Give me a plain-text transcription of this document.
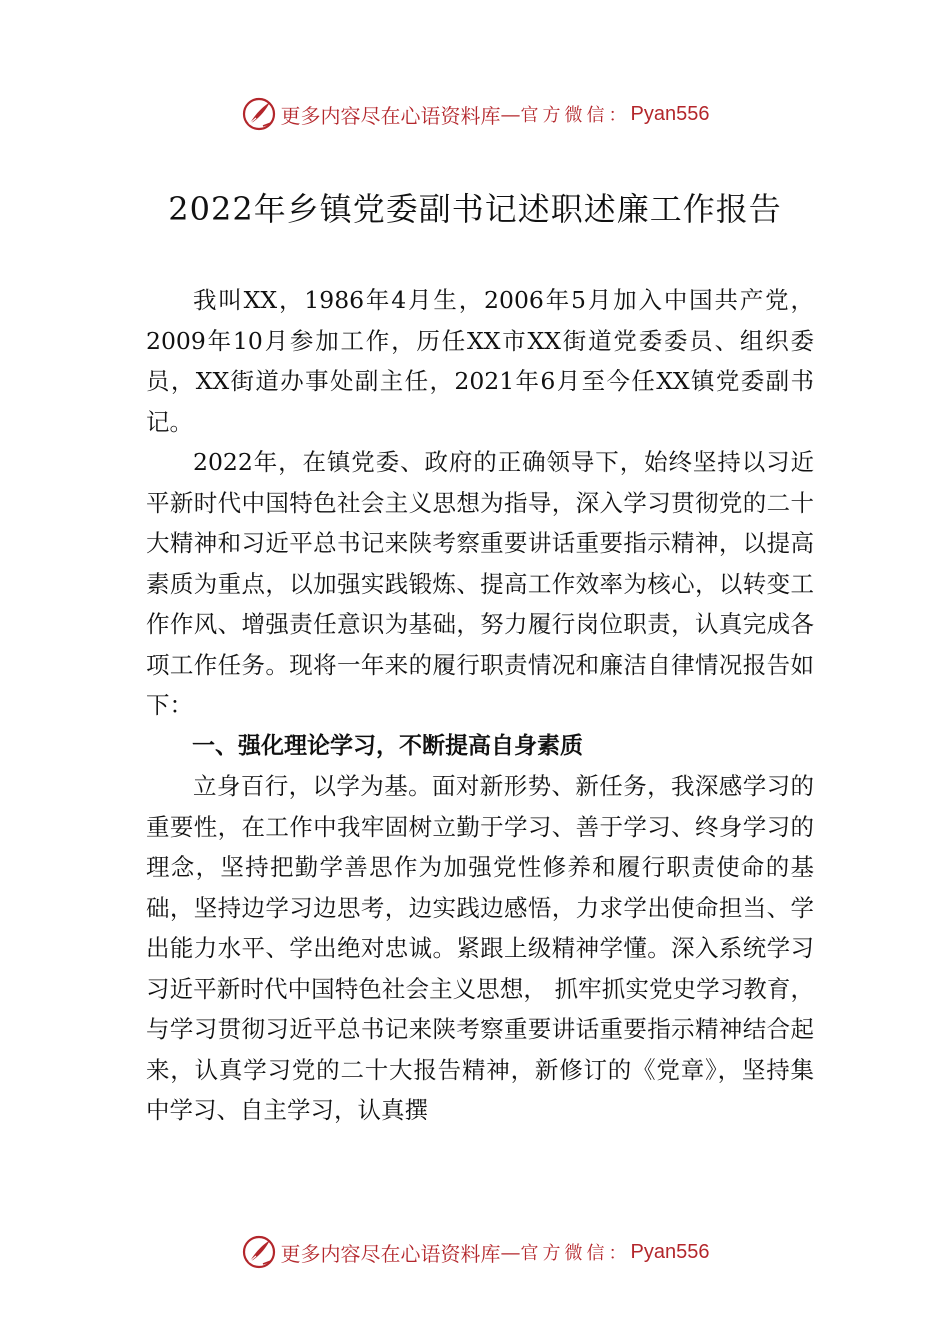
更多内容尽在心语资料库 — 官方微信： Pyan556
2022年乡镇党委副书记述职述廉工作报告

我叫XX，1986年4月生，2006年5月加入中国共产党，2009年10月参加工作，历任XX市XX街道党委委员、组织委员，XX街道办事处副主任，2021年6月至今任XX镇党委副书记。

2022年，在镇党委、政府的正确领导下，始终坚持以习近平新时代中国特色社会主义思想为指导，深入学习贯彻党的二十大精神和习近平总书记来陕考察重要讲话重要指示精神，以提高素质为重点，以加强实践锻炼、提高工作效率为核心，以转变工作作风、增强责任意识为基础，努力履行岗位职责，认真完成各项工作任务。现将一年来的履行职责情况和廉洁自律情况报告如下：

一、强化理论学习，不断提高自身素质

立身百行，以学为基。面对新形势、新任务，我深感学习的重要性，在工作中我牢固树立勤于学习、善于学习、终身学习的理念，坚持把勤学善思作为加强党性修养和履行职责使命的基础，坚持边学习边思考，边实践边感悟，力求学出使命担当、学出能力水平、学出绝对忠诚。紧跟上级精神学懂。深入系统学习习近平新时代中国特色社会主义思想， 抓牢抓实党史学习教育，与学习贯彻习近平总书记来陕考察重要讲话重要指示精神结合起来，认真学习党的二十大报告精神，新修订的《党章》，坚持集中学习、自主学习，认真撰

更多内容尽在心语资料库 — 官方微信： Pyan556
